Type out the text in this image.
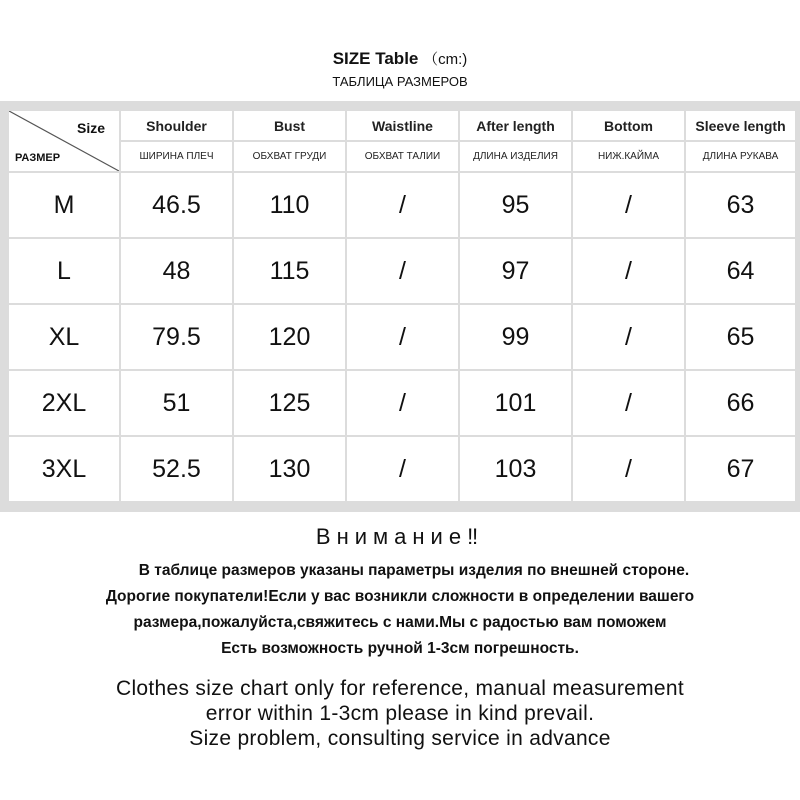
SIZE Table （cm:)
ТАБЛИЦА РАЗМЕРОВ
Size
РАЗМЕР	Shoulder	Bust	Waistline	After length	Bottom	Sleeve length
	ШИРИНА ПЛЕЧ	ОБХВАТ ГРУДИ	ОБХВАТ ТАЛИИ	ДЛИНА ИЗДЕЛИЯ	НИЖ.КАЙМА	ДЛИНА РУКАВА
M	46.5	110	/	95	/	63
L	48	115	/	97	/	64
XL	79.5	120	/	99	/	65
2XL	51	125	/	101	/	66
3XL	52.5	130	/	103	/	67
Внимание‼
В таблице размеров указаны параметры изделия по внешней стороне.
Дорогие покупатели!Если у вас возникли сложности в определении вашего
размера,пожалуйста,свяжитесь с нами.Мы с радостью вам поможем
Есть возможность ручной 1-3см погрешность.
Clothes size chart only for reference, manual measurement
error within 1-3cm please in kind prevail.
Size problem, consulting service in advance
